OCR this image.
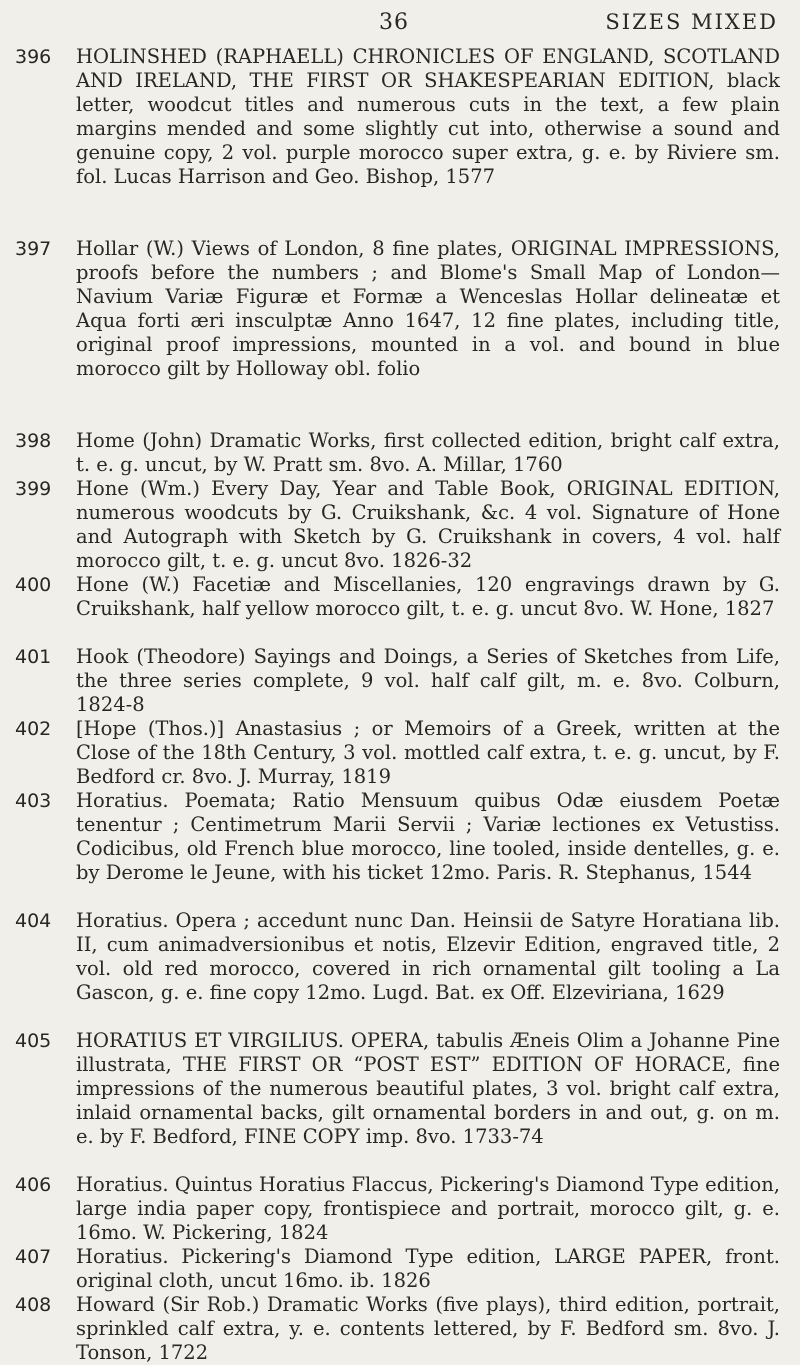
36	SIZES MIXED
396 HOLINSHED (RAPHAELL) CHRONICLES OF ENGLAND, SCOTLAND AND IRELAND, THE FIRST OR SHAKESPEARIAN EDITION, black letter, woodcut titles and numerous cuts in the text, a few plain margins mended and some slightly cut into, otherwise a sound and genuine copy, 2 vol. purple morocco super extra, g. e. by Riviere sm. fol. Lucas Harrison and Geo. Bishop, 1577
397 Hollar (W.) Views of London, 8 fine plates, ORIGINAL IMPRESSIONS, proofs before the numbers ; and Blome's Small Map of London—Navium Variæ Figuræ et Formæ a Wenceslas Hollar delineatæ et Aqua forti æri insculptæ Anno 1647, 12 fine plates, including title, original proof impressions, mounted in a vol. and bound in blue morocco gilt by Holloway obl. folio
398 Home (John) Dramatic Works, first collected edition, bright calf extra, t. e. g. uncut, by W. Pratt sm. 8vo. A. Millar, 1760
399 Hone (Wm.) Every Day, Year and Table Book, ORIGINAL EDITION, numerous woodcuts by G. Cruikshank, &c. 4 vol. Signature of Hone and Autograph with Sketch by G. Cruikshank in covers, 4 vol. half morocco gilt, t. e. g. uncut 8vo. 1826-32
400 Hone (W.) Facetiæ and Miscellanies, 120 engravings drawn by G. Cruikshank, half yellow morocco gilt, t. e. g. uncut 8vo. W. Hone, 1827
401 Hook (Theodore) Sayings and Doings, a Series of Sketches from Life, the three series complete, 9 vol. half calf gilt, m. e. 8vo. Colburn, 1824-8
402 [Hope (Thos.)] Anastasius ; or Memoirs of a Greek, written at the Close of the 18th Century, 3 vol. mottled calf extra, t. e. g. uncut, by F. Bedford cr. 8vo. J. Murray, 1819
403 Horatius. Poemata; Ratio Mensuum quibus Odæ eiusdem Poetæ tenentur ; Centimetrum Marii Servii ; Variæ lectiones ex Vetustiss. Codicibus, old French blue morocco, line tooled, inside dentelles, g. e. by Derome le Jeune, with his ticket 12mo. Paris. R. Stephanus, 1544
404 Horatius. Opera ; accedunt nunc Dan. Heinsii de Satyre Horatiana lib. II, cum animadversionibus et notis, Elzevir Edition, engraved title, 2 vol. old red morocco, covered in rich ornamental gilt tooling a La Gascon, g. e. fine copy 12mo. Lugd. Bat. ex Off. Elzeviriana, 1629
405 HORATIUS ET VIRGILIUS. OPERA, tabulis Æneis Olim a Johanne Pine illustrata, THE FIRST OR “POST EST” EDITION OF HORACE, fine impressions of the numerous beautiful plates, 3 vol. bright calf extra, inlaid ornamental backs, gilt ornamental borders in and out, g. on m. e. by F. Bedford, FINE COPY imp. 8vo. 1733-74
406 Horatius. Quintus Horatius Flaccus, Pickering's Diamond Type edition, large india paper copy, frontispiece and portrait, morocco gilt, g. e. 16mo. W. Pickering, 1824
407 Horatius. Pickering's Diamond Type edition, LARGE PAPER, front. original cloth, uncut 16mo. ib. 1826
408 Howard (Sir Rob.) Dramatic Works (five plays), third edition, portrait, sprinkled calf extra, y. e. contents lettered, by F. Bedford sm. 8vo. J. Tonson, 1722
